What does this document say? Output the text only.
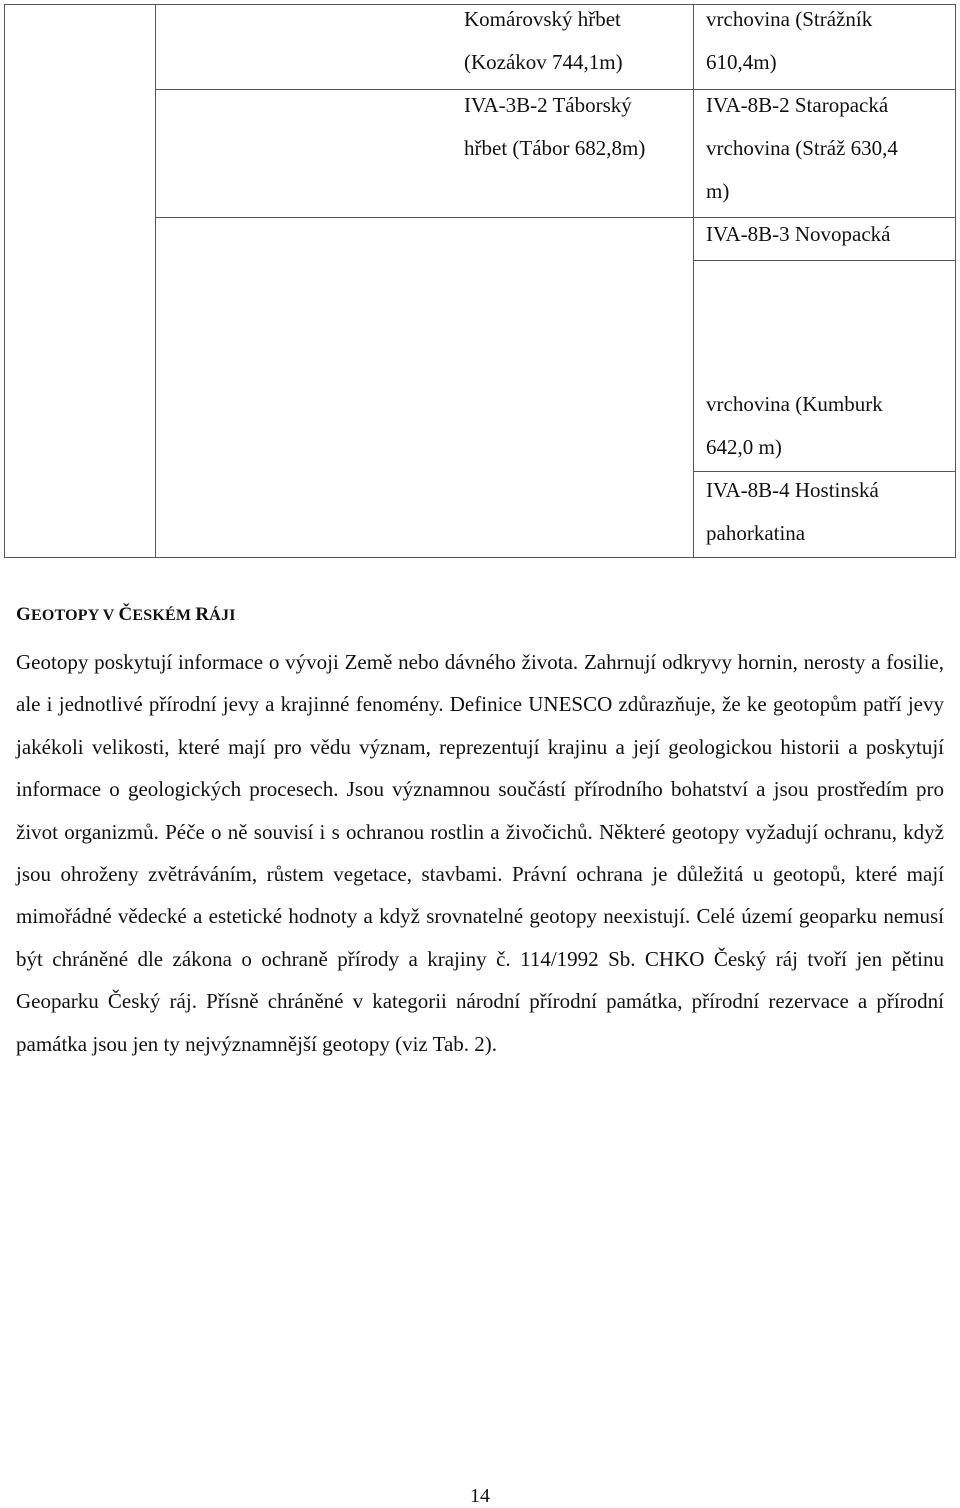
Komárovský hřbet
(Kozákov 744,1m)
IVA-3B-2 Táborský
hřbet (Tábor 682,8m)
vrchovina (Strážník
610,4m)
IVA-8B-2 Staropacká
vrchovina (Stráž 630,4
m)
IVA-8B-3 Novopacká
vrchovina (Kumburk
642,0 m)
IVA-8B-4 Hostinská
pahorkatina
GEOTOPY V ČESKÉM RÁJI
Geotopy poskytují informace o vývoji Země nebo dávného života. Zahrnují odkryvy hornin, nerosty a fosilie, ale i jednotlivé přírodní jevy a krajinné fenomény. Definice UNESCO zdůrazňuje, že ke geotopům patří jevy jakékoli velikosti, které mají pro vědu význam, reprezentují krajinu a její geologickou historii a poskytují informace o geologických procesech. Jsou významnou součástí přírodního bohatství a jsou prostředím pro život organizmů. Péče o ně souvisí i s ochranou rostlin a živočichů. Některé geotopy vyžadují ochranu, když jsou ohroženy zvětráváním, růstem vegetace, stavbami. Právní ochrana je důležitá u geotopů, které mají mimořádné vědecké a estetické hodnoty a když srovnatelné geotopy neexistují. Celé území geoparku nemusí být chráněné dle zákona o ochraně přírody a krajiny č. 114/1992 Sb. CHKO Český ráj tvoří jen pětinu Geoparku Český ráj. Přísně chráněné v kategorii národní přírodní památka, přírodní rezervace a přírodní památka jsou jen ty nejvýznamnější geotopy (viz Tab. 2).
14
